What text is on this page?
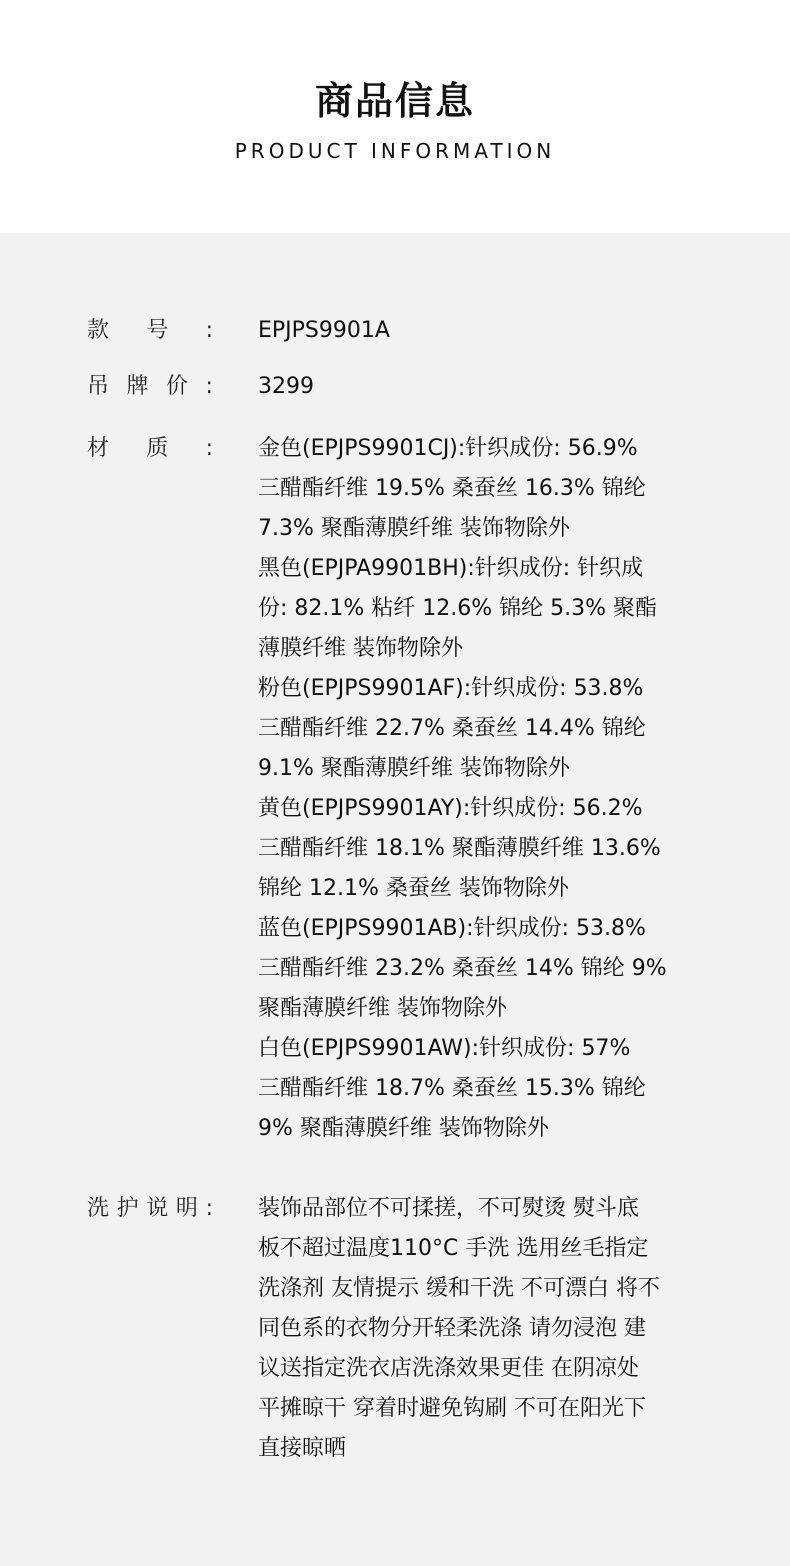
商品信息
PRODUCT INFORMATION
款 号 : EPJPS9901A
吊 牌 价 : 3299
材 质 : 金色(EPJPS9901CJ):针织成份: 56.9%
三醋酯纤维 19.5% 桑蚕丝 16.3% 锦纶
7.3% 聚酯薄膜纤维 装饰物除外
黑色(EPJPA9901BH):针织成份: 针织成
份: 82.1% 粘纤 12.6% 锦纶 5.3% 聚酯
薄膜纤维 装饰物除外
粉色(EPJPS9901AF):针织成份: 53.8%
三醋酯纤维 22.7% 桑蚕丝 14.4% 锦纶
9.1% 聚酯薄膜纤维 装饰物除外
黄色(EPJPS9901AY):针织成份: 56.2%
三醋酯纤维 18.1% 聚酯薄膜纤维 13.6%
锦纶 12.1% 桑蚕丝 装饰物除外
蓝色(EPJPS9901AB):针织成份: 53.8%
三醋酯纤维 23.2% 桑蚕丝 14% 锦纶 9%
聚酯薄膜纤维 装饰物除外
白色(EPJPS9901AW):针织成份: 57%
三醋酯纤维 18.7% 桑蚕丝 15.3% 锦纶
9% 聚酯薄膜纤维 装饰物除外
洗 护 说 明 : 装饰品部位不可揉搓，不可熨烫 熨斗底
板不超过温度110°C 手洗 选用丝毛指定
洗涤剂 友情提示 缓和干洗 不可漂白 将不
同色系的衣物分开轻柔洗涤 请勿浸泡 建
议送指定洗衣店洗涤效果更佳 在阴凉处
平摊晾干 穿着时避免钩刷 不可在阳光下
直接晾晒
